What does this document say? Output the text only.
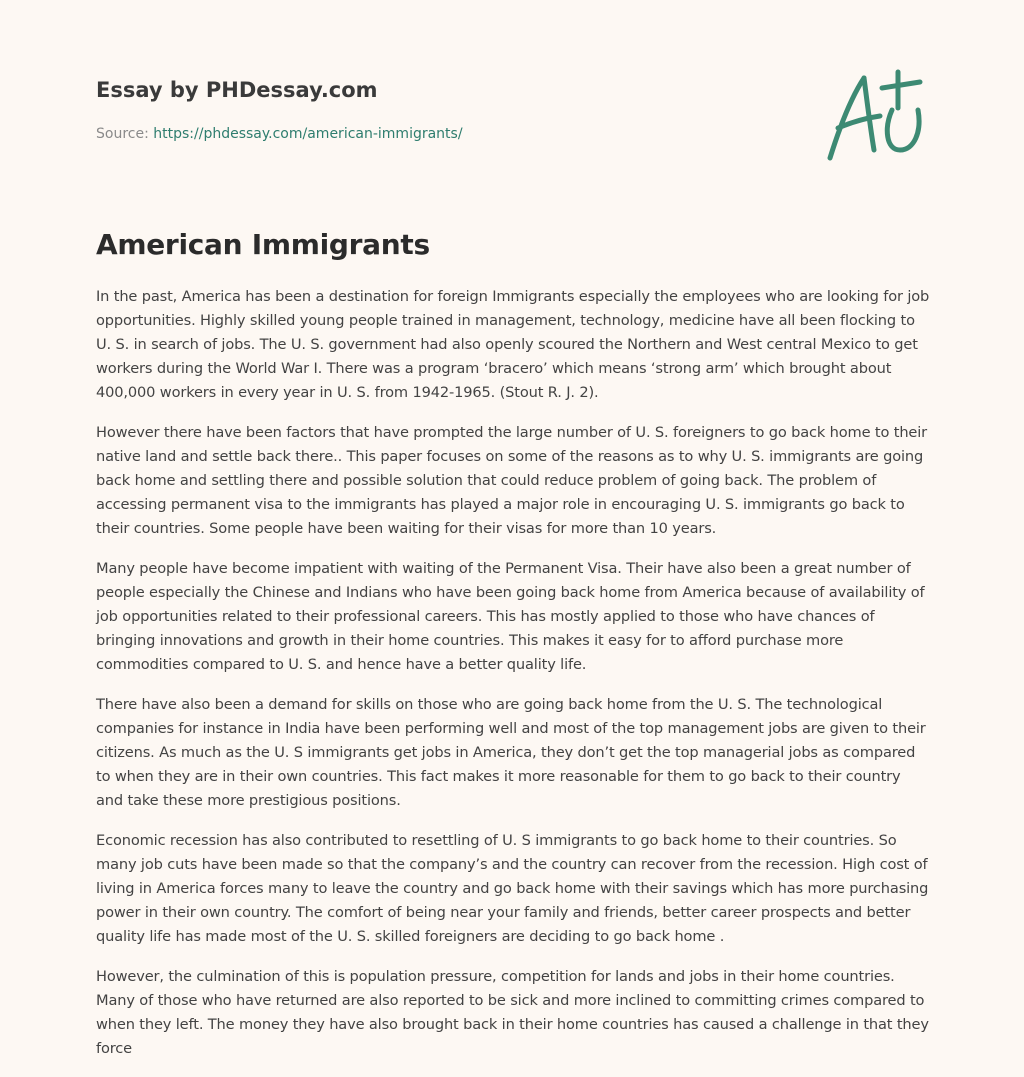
Essay by PHDessay.com
Source: https://phdessay.com/american-immigrants/
American Immigrants

In the past, America has been a destination for foreign Immigrants especially the employees who are looking for job opportunities. Highly skilled young people trained in management, technology, medicine have all been flocking to U. S. in search of jobs. The U. S. government had also openly scoured the Northern and West central Mexico to get workers during the World War I. There was a program ‘bracero’ which means ‘strong arm’ which brought about 400,000 workers in every year in U. S. from 1942-1965. (Stout R. J. 2).

However there have been factors that have prompted the large number of U. S. foreigners to go back home to their native land and settle back there.. This paper focuses on some of the reasons as to why U. S. immigrants are going back home and settling there and possible solution that could reduce problem of going back. The problem of accessing permanent visa to the immigrants has played a major role in encouraging U. S. immigrants go back to their countries. Some people have been waiting for their visas for more than 10 years.

Many people have become impatient with waiting of the Permanent Visa. Their have also been a great number of people especially the Chinese and Indians who have been going back home from America because of availability of job opportunities related to their professional careers. This has mostly applied to those who have chances of bringing innovations and growth in their home countries. This makes it easy for to afford purchase more commodities compared to U. S. and hence have a better quality life.

There have also been a demand for skills on those who are going back home from the U. S. The technological companies for instance in India have been performing well and most of the top management jobs are given to their citizens. As much as the U. S immigrants get jobs in America, they don’t get the top managerial jobs as compared to when they are in their own countries. This fact makes it more reasonable for them to go back to their country and take these more prestigious positions.

Economic recession has also contributed to resettling of U. S immigrants to go back home to their countries. So many job cuts have been made so that the company’s and the country can recover from the recession. High cost of living in America forces many to leave the country and go back home with their savings which has more purchasing power in their own country. The comfort of being near your family and friends, better career prospects and better quality life has made most of the U. S. skilled foreigners are deciding to go back home .

However, the culmination of this is population pressure, competition for lands and jobs in their home countries. Many of those who have returned are also reported to be sick and more inclined to committing crimes compared to when they left. The money they have also brought back in their home countries has caused a challenge in that they force
